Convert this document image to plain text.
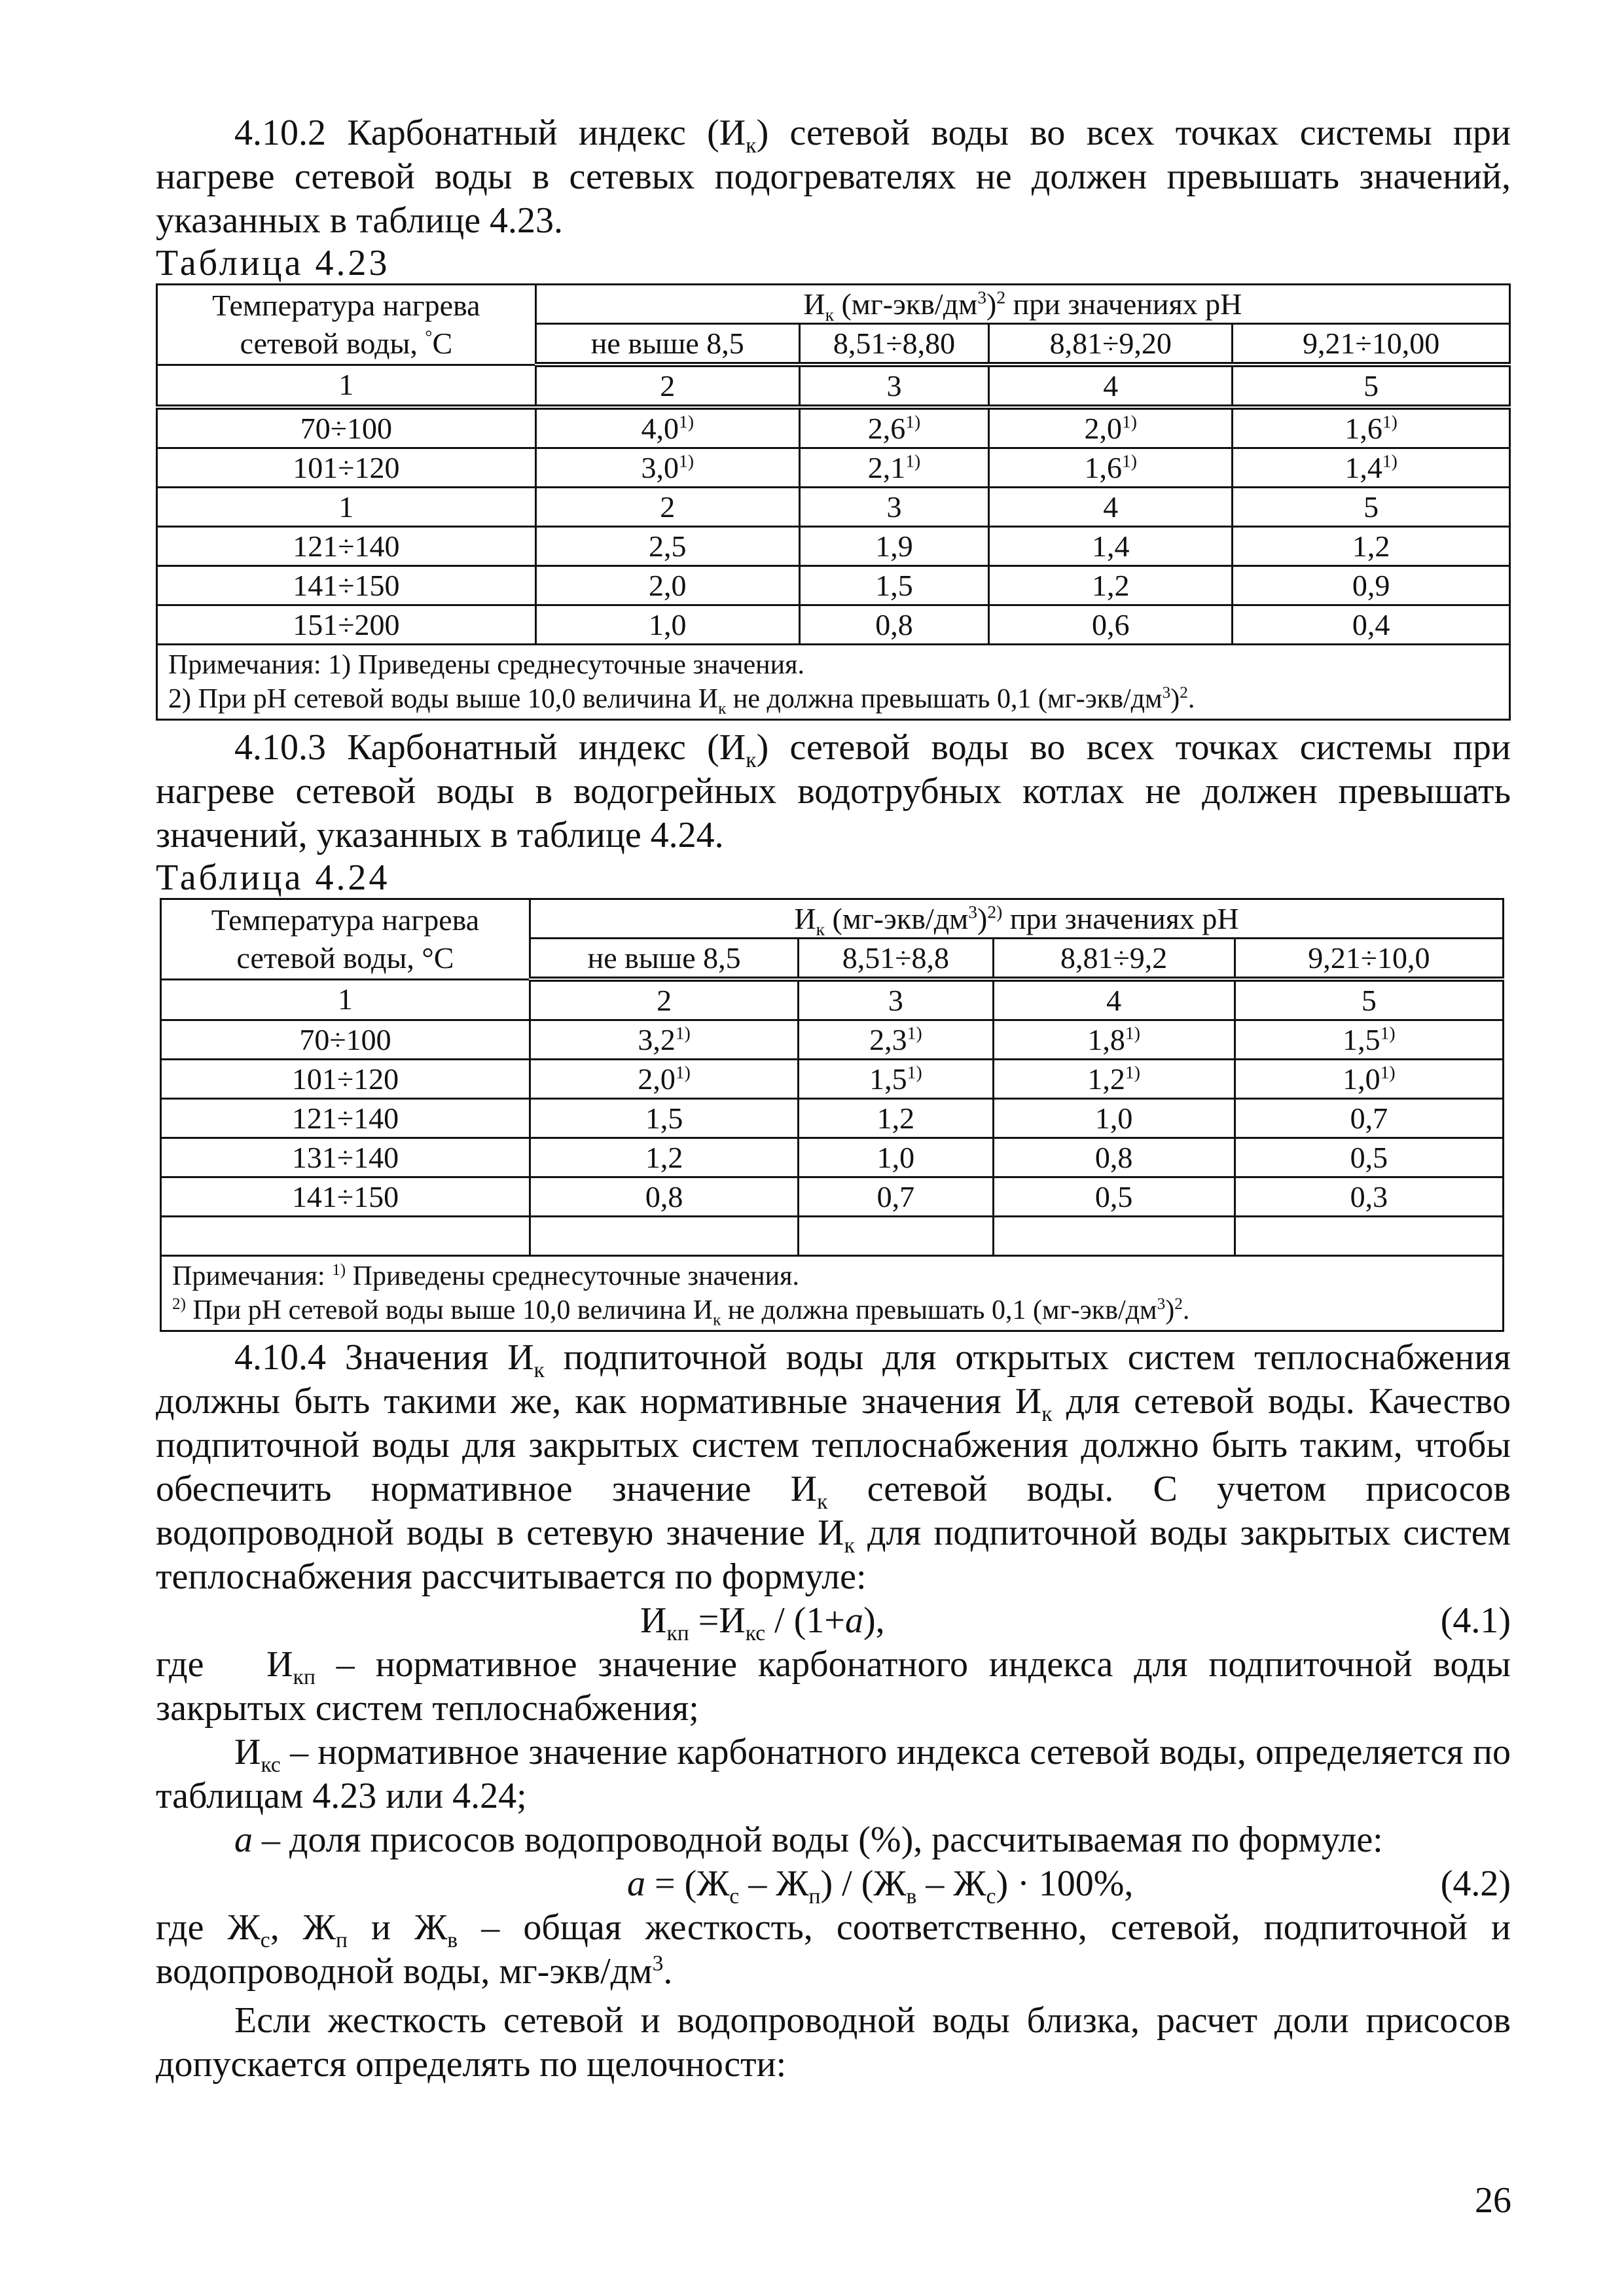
4.10.2 Карбонатный индекс $(И_к)$ сетевой воды во всех точках системы при нагреве сетевой воды в сетевых подогревателях не должен превышать значений, указанных в таблице 4.23.

Таблица 4.23

Температура нагрева сетевой воды, °С	$И_к$ $(мг-экв/дм^3)^2$ при значениях рН			
	не выше 8,5	8,51÷8,80	8,81÷9,20	9,21÷10,00
1	2	3	4	5
70÷100	4,0$^{1)}$	2,6$^{1)}$	2,0$^{1)}$	1,6$^{1)}$
101÷120	3,0$^{1)}$	2,1$^{1)}$	1,6$^{1)}$	1,4$^{1)}$
1	2	3	4	5
121÷140	2,5	1,9	1,4	1,2
141÷150	2,0	1,5	1,2	0,9
151÷200	1,0	0,8	0,6	0,4
Примечания: 1) Приведены среднесуточные значения.
2) При рН сетевой воды выше 10,0 величина $И_к$ не должна превышать 0,1 $(мг-экв/дм^3)^2$.				

4.10.3 Карбонатный индекс $(И_к)$ сетевой воды во всех точках системы при нагреве сетевой воды в водогрейных водотрубных котлах не должен превышать значений, указанных в таблице 4.24.

Таблица 4.24

Температура нагрева сетевой воды, °С	$И_к$ $(мг-экв/дм^3)^{2)}$ при значениях рН			
	не выше 8,5	8,51÷8,8	8,81÷9,2	9,21÷10,0
1	2	3	4	5
70÷100	3,2$^{1)}$	2,3$^{1)}$	1,8$^{1)}$	1,5$^{1)}$
101÷120	2,0$^{1)}$	1,5$^{1)}$	1,2$^{1)}$	1,0$^{1)}$
121÷140	1,5	1,2	1,0	0,7
131÷140	1,2	1,0	0,8	0,5
141÷150	0,8	0,7	0,5	0,3

Примечания: $^{1)}$ Приведены среднесуточные значения.
$^{2)}$ При рН сетевой воды выше 10,0 величина $И_к$ не должна превышать 0,1 $(мг-экв/дм^3)^2$.				

4.10.4 Значения $И_к$ подпиточной воды для открытых систем теплоснабжения должны быть такими же, как нормативные значения $И_к$ для сетевой воды. Качество подпиточной воды для закрытых систем теплоснабжения должно быть таким, чтобы обеспечить нормативное значение $И_к$ сетевой воды. С учетом присосов водопроводной воды в сетевую значение $И_к$ для подпиточной воды закрытых систем теплоснабжения рассчитывается по формуле:

$И_{кп} =И_{кс} / (1+a)$,	(4.1)

где   $И_{кп}$ – нормативное значение карбонатного индекса для подпиточной воды закрытых систем теплоснабжения;

$И_{кс}$ – нормативное значение карбонатного индекса сетевой воды, определяется по таблицам 4.23 или 4.24;

a – доля присосов водопроводной воды (%), рассчитываемая по формуле:

$a = (Ж_с - Ж_п) / (Ж_в - Ж_с) \cdot 100\%$,	(4.2)

где $Ж_с$, $Ж_п$ и $Ж_в$ – общая жесткость, соответственно, сетевой, подпиточной и водопроводной воды, $мг-экв/дм^3$.

Если жесткость сетевой и водопроводной воды близка, расчет доли присосов допускается определять по щелочности:

26
